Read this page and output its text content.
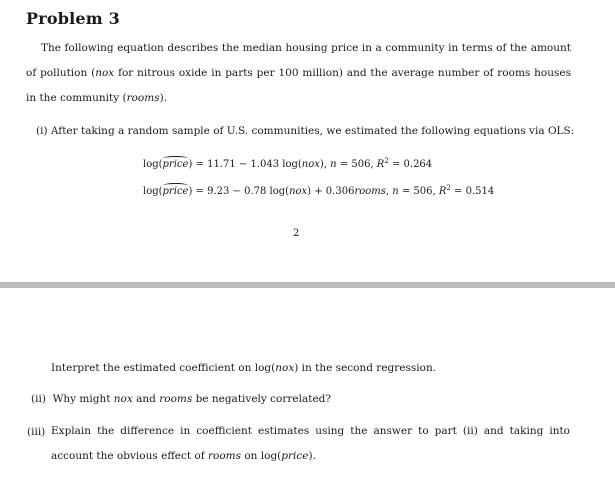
Problem 3
The following equation describes the median housing price in a community in terms of the amount of pollution (nox for nitrous oxide in parts per 100 million) and the average number of rooms houses in the community (rooms).
(i) After taking a random sample of U.S. communities, we estimated the following equations via OLS:
log(price) = 11.71 − 1.043 log(nox), n = 506, $R^2 = 0.264$
log(price) = 9.23 − 0.78 log(nox) + 0.306rooms, n = 506, $R^2 = 0.514$
2
Interpret the estimated coefficient on log(nox) in the second regression.
(ii) Why might nox and rooms be negatively correlated?
(iii) Explain the difference in coefficient estimates using the answer to part (ii) and taking into account the obvious effect of rooms on log(price).
